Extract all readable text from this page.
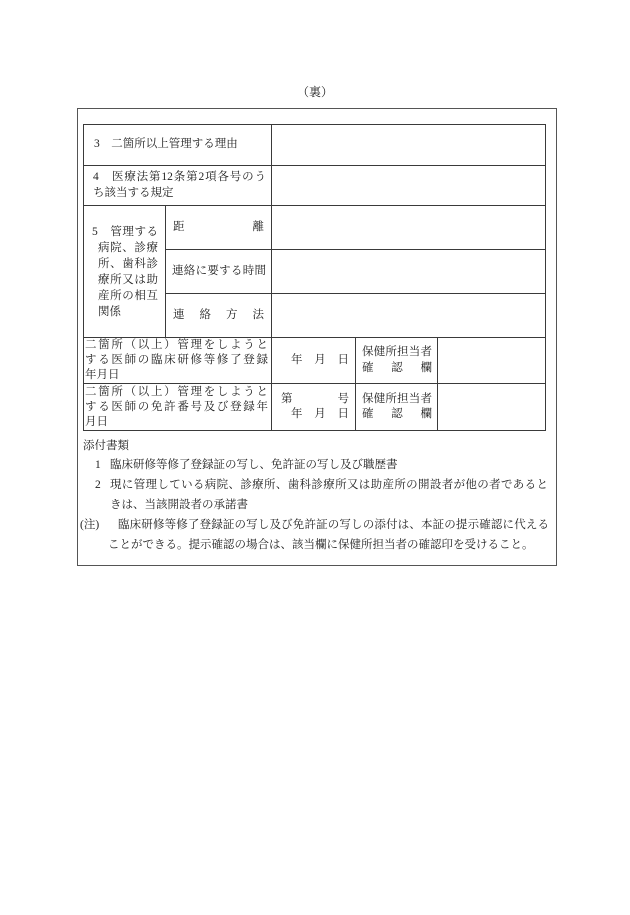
（裏）
3　二箇所以上管理する理由
4　医療法第12条第2項各号のう
ち該当する規定
5　管理する
病院、診療
所、歯科診
療所又は助
産所の相互
関係
距　　　　離
連絡に要する時間
連　絡　方　法
二箇所（以上）管理をしようと
する医師の臨床研修等修了登録
年月日
年　月　日
保健所担当者
確　認　欄
二箇所（以上）管理をしようと
する医師の免許番号及び登録年
月日
第	号
年　月　日
保健所担当者
確　認　欄
添付書類
1 臨床研修等修了登録証の写し、免許証の写し及び職歴書
2 現に管理している病院、診療所、歯科診療所又は助産所の開設者が他の者であると
きは、当該開設者の承諾書
(注) 臨床研修等修了登録証の写し及び免許証の写しの添付は、本証の提示確認に代える
ことができる。提示確認の場合は、該当欄に保健所担当者の確認印を受けること。
